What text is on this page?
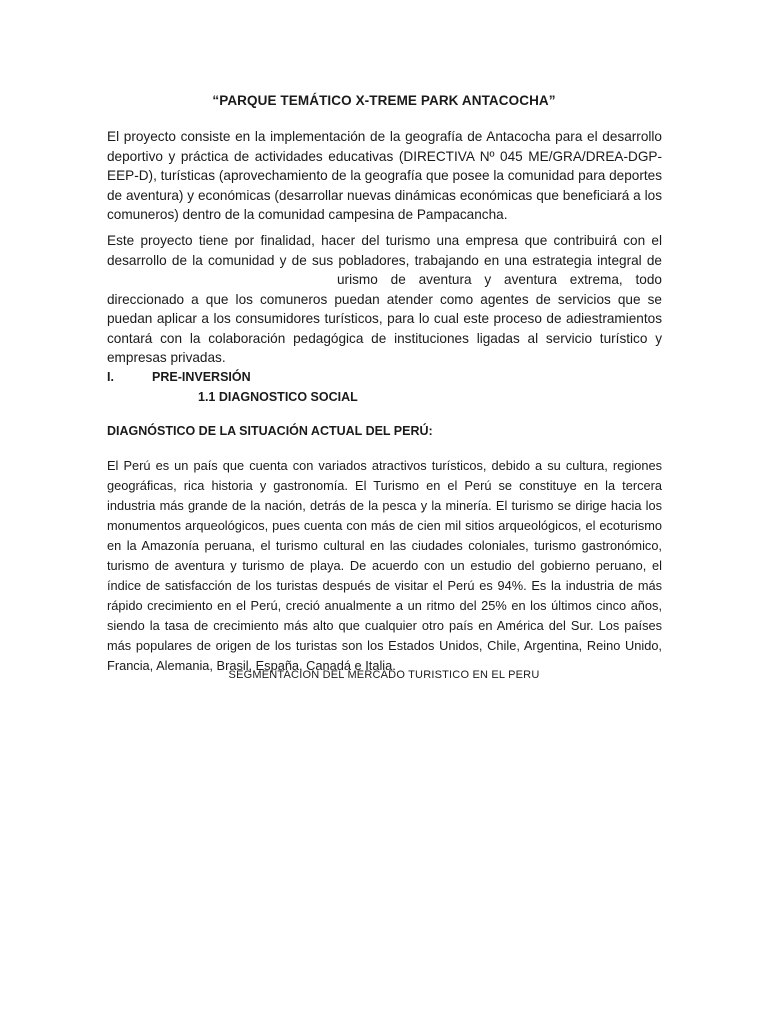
“PARQUE TEMÁTICO X-TREME PARK ANTACOCHA”

El proyecto consiste en la implementación de la geografía de Antacocha para el desarrollo deportivo y práctica de actividades educativas (DIRECTIVA Nº 045 ME/GRA/DREA-DGP-EEP-D), turísticas (aprovechamiento de la geografía que posee la comunidad para deportes de aventura) y económicas (desarrollar nuevas dinámicas económicas que beneficiará a los comuneros) dentro de la comunidad campesina de Pampacancha.

Este proyecto tiene por finalidad, hacer del turismo una empresa que contribuirá con el
desarrollo de la comunidad y de sus pobladores, trabajando en una estrategia integral de
urismo de aventura y aventura extrema, todo
direccionado a que los comuneros puedan atender como agentes de servicios que se puedan aplicar a los consumidores turísticos, para lo cual este proceso de adiestramientos contará con la colaboración pedagógica de instituciones ligadas al servicio turístico y empresas privadas.
I.	PRE-INVERSIÓN
1.1 DIAGNOSTICO SOCIAL
DIAGNÓSTICO DE LA SITUACIÓN ACTUAL DEL PERÚ:

El Perú es un país que cuenta con variados atractivos turísticos, debido a su cultura, regiones geográficas, rica historia y gastronomía. El Turismo en el Perú se constituye en la tercera industria más grande de la nación, detrás de la pesca y la minería. El turismo se dirige hacia los monumentos arqueológicos, pues cuenta con más de cien mil sitios arqueológicos, el ecoturismo en la Amazonía peruana, el turismo cultural en las ciudades coloniales, turismo gastronómico, turismo de aventura y turismo de playa. De acuerdo con un estudio del gobierno peruano, el índice de satisfacción de los turistas después de visitar el Perú es 94%. Es la industria de más rápido crecimiento en el Perú, creció anualmente a un ritmo del 25% en los últimos cinco años, siendo la tasa de crecimiento más alto que cualquier otro país en América del Sur. Los países más populares de origen de los turistas son los Estados Unidos, Chile, Argentina, Reino Unido, Francia, Alemania, Brasil, España, Canadá e Italia.

SEGMENTACION DEL MERCADO TURISTICO EN EL PERU
